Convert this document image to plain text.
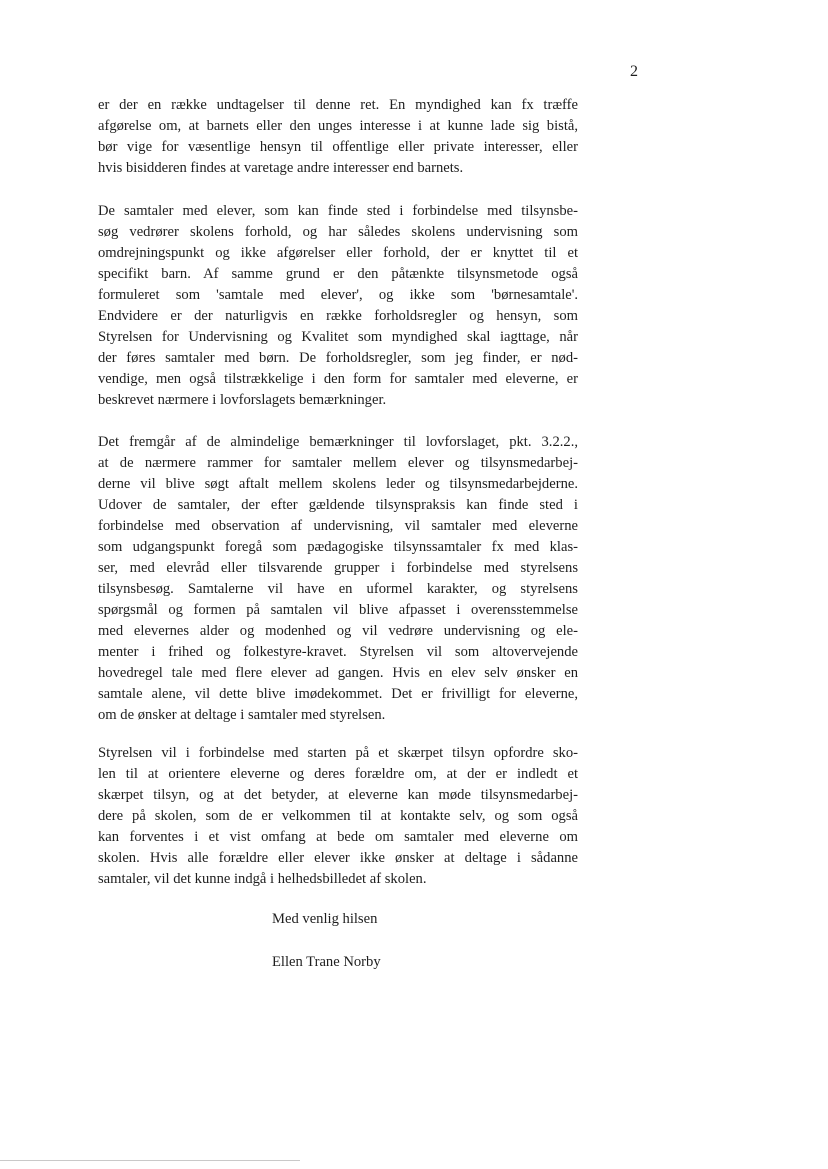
2
er der en række undtagelser til denne ret. En myndighed kan fx træffe
afgørelse om, at barnets eller den unges interesse i at kunne lade sig bistå,
bør vige for væsentlige hensyn til offentlige eller private interesser, eller
hvis bisidderen findes at varetage andre interesser end barnets.
De samtaler med elever, som kan finde sted i forbindelse med tilsynsbe-
søg vedrører skolens forhold, og har således skolens undervisning som
omdrejningspunkt og ikke afgørelser eller forhold, der er knyttet til et
specifikt barn. Af samme grund er den påtænkte tilsynsmetode også
formuleret som 'samtale med elever', og ikke som 'børnesamtale'.
Endvidere er der naturligvis en række forholdsregler og hensyn, som
Styrelsen for Undervisning og Kvalitet som myndighed skal iagttage, når
der føres samtaler med børn. De forholdsregler, som jeg finder, er nød-
vendige, men også tilstrækkelige i den form for samtaler med eleverne, er
beskrevet nærmere i lovforslagets bemærkninger.
Det fremgår af de almindelige bemærkninger til lovforslaget, pkt. 3.2.2.,
at de nærmere rammer for samtaler mellem elever og tilsynsmedarbej-
derne vil blive søgt aftalt mellem skolens leder og tilsynsmedarbejderne.
Udover de samtaler, der efter gældende tilsynspraksis kan finde sted i
forbindelse med observation af undervisning, vil samtaler med eleverne
som udgangspunkt foregå som pædagogiske tilsynssamtaler fx med klas-
ser, med elevråd eller tilsvarende grupper i forbindelse med styrelsens
tilsynsbesøg. Samtalerne vil have en uformel karakter, og styrelsens
spørgsmål og formen på samtalen vil blive afpasset i overensstemmelse
med elevernes alder og modenhed og vil vedrøre undervisning og ele-
menter i frihed og folkestyre-kravet. Styrelsen vil som altovervejende
hovedregel tale med flere elever ad gangen. Hvis en elev selv ønsker en
samtale alene, vil dette blive imødekommet. Det er frivilligt for eleverne,
om de ønsker at deltage i samtaler med styrelsen.
Styrelsen vil i forbindelse med starten på et skærpet tilsyn opfordre sko-
len til at orientere eleverne og deres forældre om, at der er indledt et
skærpet tilsyn, og at det betyder, at eleverne kan møde tilsynsmedarbej-
dere på skolen, som de er velkommen til at kontakte selv, og som også
kan forventes i et vist omfang at bede om samtaler med eleverne om
skolen. Hvis alle forældre eller elever ikke ønsker at deltage i sådanne
samtaler, vil det kunne indgå i helhedsbilledet af skolen.
Med venlig hilsen
Ellen Trane Norby
